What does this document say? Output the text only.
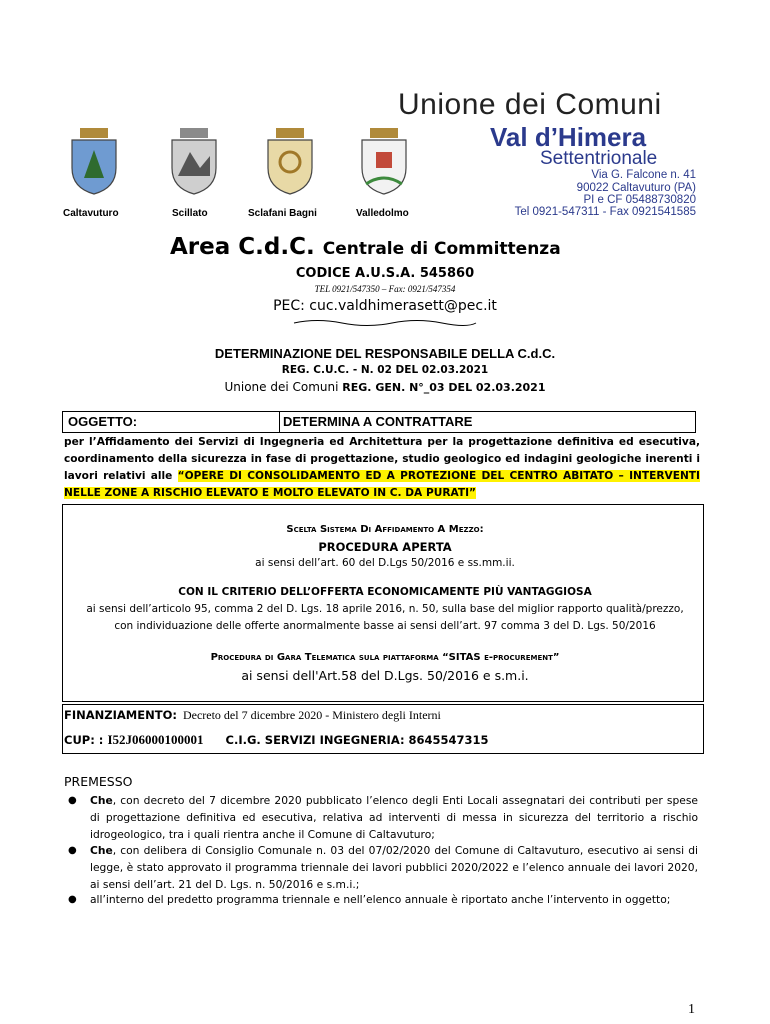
Caltavuturo	Scillato	Sclafani Bagni	Valledolmo
Unione dei Comuni
Val d’Himera
Settentrionale
Via G. Falcone n. 41
90022 Caltavuturo (PA)
PI e CF 05488730820
Tel 0921-547311 - Fax 0921541585
Area C.d.C. Centrale di Committenza
CODICE A.U.S.A. 545860
TEL 0921/547350 – Fax: 0921/547354
PEC: cuc.valdhimerasett@pec.it
DETERMINAZIONE DEL RESPONSABILE DELLA C.d.C.
REG. C.U.C. - N. 02 DEL 02.03.2021
Unione dei Comuni REG. GEN. N°_03 DEL 02.03.2021
OGGETTO:	DETERMINA A CONTRATTARE
per l’Affidamento dei Servizi di Ingegneria ed Architettura per la progettazione definitiva ed esecutiva, coordinamento della sicurezza in fase di progettazione, studio geologico ed indagini geologiche inerenti i lavori relativi alle “OPERE DI CONSOLIDAMENTO ED A PROTEZIONE DEL CENTRO ABITATO – INTERVENTI NELLE ZONE A RISCHIO ELEVATO E MOLTO ELEVATO IN C. DA PURATI”
Scelta Sistema Di Affidamento A Mezzo:
PROCEDURA APERTA
ai sensi dell’art. 60 del D.Lgs 50/2016 e ss.mm.ii.
CON IL CRITERIO DELL’OFFERTA ECONOMICAMENTE PIÙ VANTAGGIOSA
ai sensi dell’articolo 95, comma 2 del D. Lgs. 18 aprile 2016, n. 50, sulla base del miglior rapporto qualità/prezzo,
con individuazione delle offerte anormalmente basse ai sensi dell’art. 97 comma 3 del D. Lgs. 50/2016
Procedura di Gara Telematica sula piattaforma “SITAS e-procurement”
ai sensi dell'Art.58 del D.Lgs. 50/2016 e s.m.i.
FINANZIAMENTO: Decreto del 7 dicembre 2020 - Ministero degli Interni
CUP: : I52J06000100001 C.I.G. SERVIZI INGEGNERIA: 8645547315
PREMESSO
● Che, con decreto del 7 dicembre 2020 pubblicato l’elenco degli Enti Locali assegnatari dei contributi per spese di progettazione definitiva ed esecutiva, relativa ad interventi di messa in sicurezza del territorio a rischio idrogeologico, tra i quali rientra anche il Comune di Caltavuturo;
● Che, con delibera di Consiglio Comunale n. 03 del 07/02/2020 del Comune di Caltavuturo, esecutivo ai sensi di legge, è stato approvato il programma triennale dei lavori pubblici 2020/2022 e l’elenco annuale dei lavori 2020, ai sensi dell’art. 21 del D. Lgs. n. 50/2016 e s.m.i.;
● all’interno del predetto programma triennale e nell’elenco annuale è riportato anche l’intervento in oggetto;
1
